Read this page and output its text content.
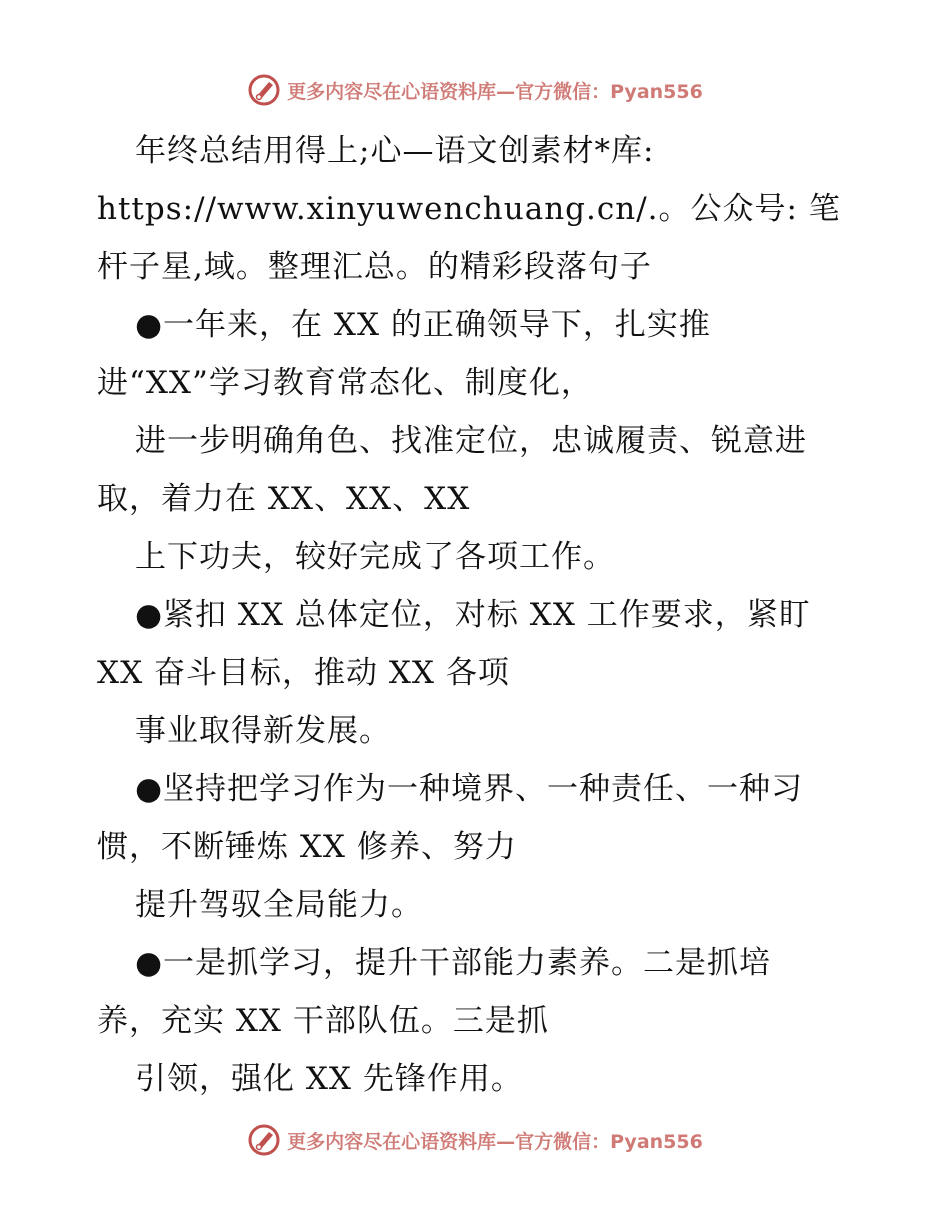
更多内容尽在心语资料库—官方微信：Pyan556
年终总结用得上;心—语文创素材*库:
https://www.xinyuwenchuang.cn/.。公众号: 笔
杆子星,域。整理汇总。的精彩段落句子
●一年来，在 XX 的正确领导下，扎实推
进“XX”学习教育常态化、制度化，
进一步明确角色、找准定位，忠诚履责、锐意进
取，着力在 XX、XX、XX
上下功夫，较好完成了各项工作。
●紧扣 XX 总体定位，对标 XX 工作要求，紧盯
XX 奋斗目标，推动 XX 各项
事业取得新发展。
●坚持把学习作为一种境界、一种责任、一种习
惯，不断锤炼 XX 修养、努力
提升驾驭全局能力。
●一是抓学习，提升干部能力素养。二是抓培
养，充实 XX 干部队伍。三是抓
引领，强化 XX 先锋作用。
更多内容尽在心语资料库—官方微信：Pyan556
